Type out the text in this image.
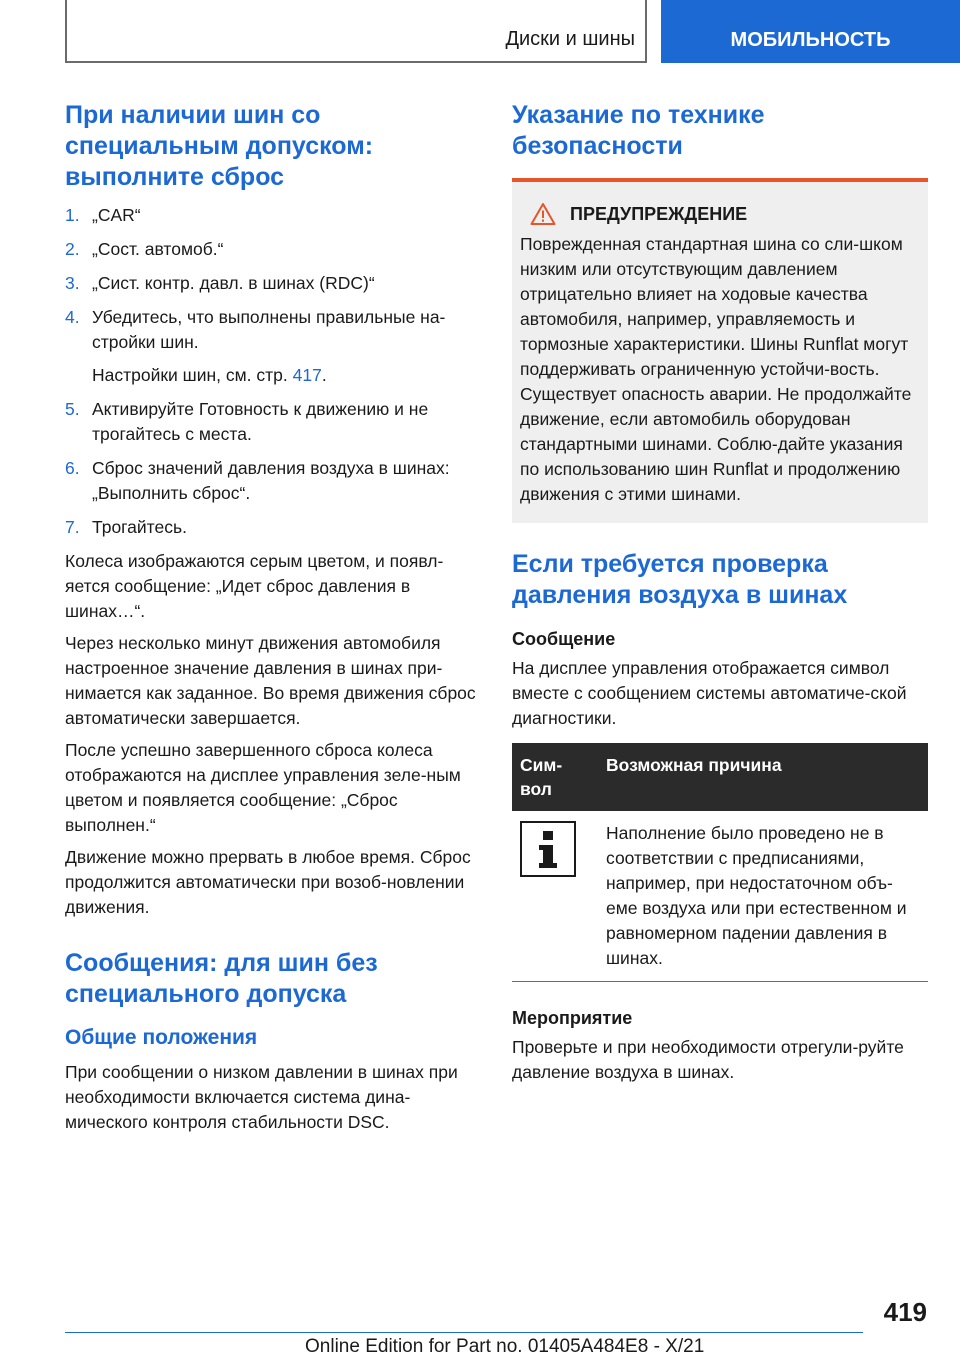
Диски и шины	МОБИЛЬНОСТЬ
При наличии шин со специальным допуском: выполните сброс
1. „CAR“

2. „Сост. автомоб.“

3. „Сист. контр. давл. в шинах (RDC)“

4. Убедитесь, что выполнены правильные на-стройки шин.

Настройки шин, см. стр. 417.

5. Активируйте Готовность к движению и не трогайтесь с места.

6. Сброс значений давления воздуха в шинах: „Выполнить сброс“.

7. Трогайтесь.

Колеса изображаются серым цветом, и появл-яется сообщение: „Идет сброс давления в шинах…“.

Через несколько минут движения автомобиля настроенное значение давления в шинах при-нимается как заданное. Во время движения сброс автоматически завершается.

После успешно завершенного сброса колеса отображаются на дисплее управления зеле-ным цветом и появляется сообщение: „Сброс выполнен.“

Движение можно прервать в любое время. Сброс продолжится автоматически при возоб-новлении движения.

Сообщения: для шин без специального допуска
Общие положения

При сообщении о низком давлении в шинах при необходимости включается система дина-мического контроля стабильности DSC.

Указание по технике безопасности
ПРЕДУПРЕЖДЕНИЕ

Поврежденная стандартная шина со сли-шком низким или отсутствующим давлением отрицательно влияет на ходовые качества автомобиля, например, управляемость и тормозные характеристики. Шины Runflat могут поддерживать ограниченную устойчи-вость. Существует опасность аварии. Не продолжайте движение, если автомобиль оборудован стандартными шинами. Соблю-дайте указания по использованию шин Runflat и продолжению движения с этими шинами.

Если требуется проверка давления воздуха в шинах
Сообщение

На дисплее управления отображается символ вместе с сообщением системы автоматиче-ской диагностики.

Сим-вол	Возможная причина
	Наполнение было проведено не в соответствии с предписаниями, например, при недостаточном объ-еме воздуха или при естественном и равномерном падении давления в шинах.
Мероприятие

Проверьте и при необходимости отрегули-руйте давление воздуха в шинах.

419
Online Edition for Part no. 01405A484E8 - X/21
